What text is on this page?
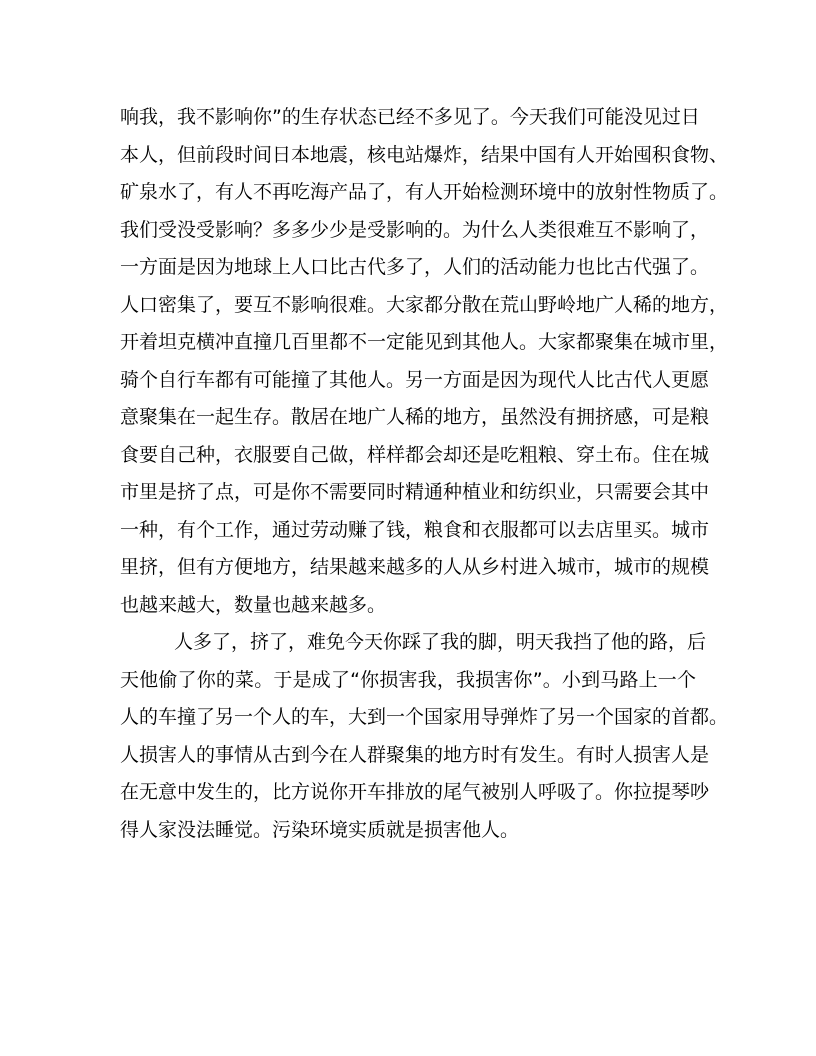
响我，我不影响你”的生存状态已经不多见了。今天我们可能没见过日
本人，但前段时间日本地震，核电站爆炸，结果中国有人开始囤积食物、
矿泉水了，有人不再吃海产品了，有人开始检测环境中的放射性物质了。
我们受没受影响？多多少少是受影响的。为什么人类很难互不影响了，
一方面是因为地球上人口比古代多了，人们的活动能力也比古代强了。
人口密集了，要互不影响很难。大家都分散在荒山野岭地广人稀的地方，
开着坦克横冲直撞几百里都不一定能见到其他人。大家都聚集在城市里，
骑个自行车都有可能撞了其他人。另一方面是因为现代人比古代人更愿
意聚集在一起生存。散居在地广人稀的地方，虽然没有拥挤感，可是粮
食要自己种，衣服要自己做，样样都会却还是吃粗粮、穿土布。住在城
市里是挤了点，可是你不需要同时精通种植业和纺织业，只需要会其中
一种，有个工作，通过劳动赚了钱，粮食和衣服都可以去店里买。城市
里挤，但有方便地方，结果越来越多的人从乡村进入城市，城市的规模
也越来越大，数量也越来越多。
人多了，挤了，难免今天你踩了我的脚，明天我挡了他的路，后
天他偷了你的菜。于是成了“你损害我，我损害你”。小到马路上一个
人的车撞了另一个人的车，大到一个国家用导弹炸了另一个国家的首都。
人损害人的事情从古到今在人群聚集的地方时有发生。有时人损害人是
在无意中发生的，比方说你开车排放的尾气被别人呼吸了。你拉提琴吵
得人家没法睡觉。污染环境实质就是损害他人。
